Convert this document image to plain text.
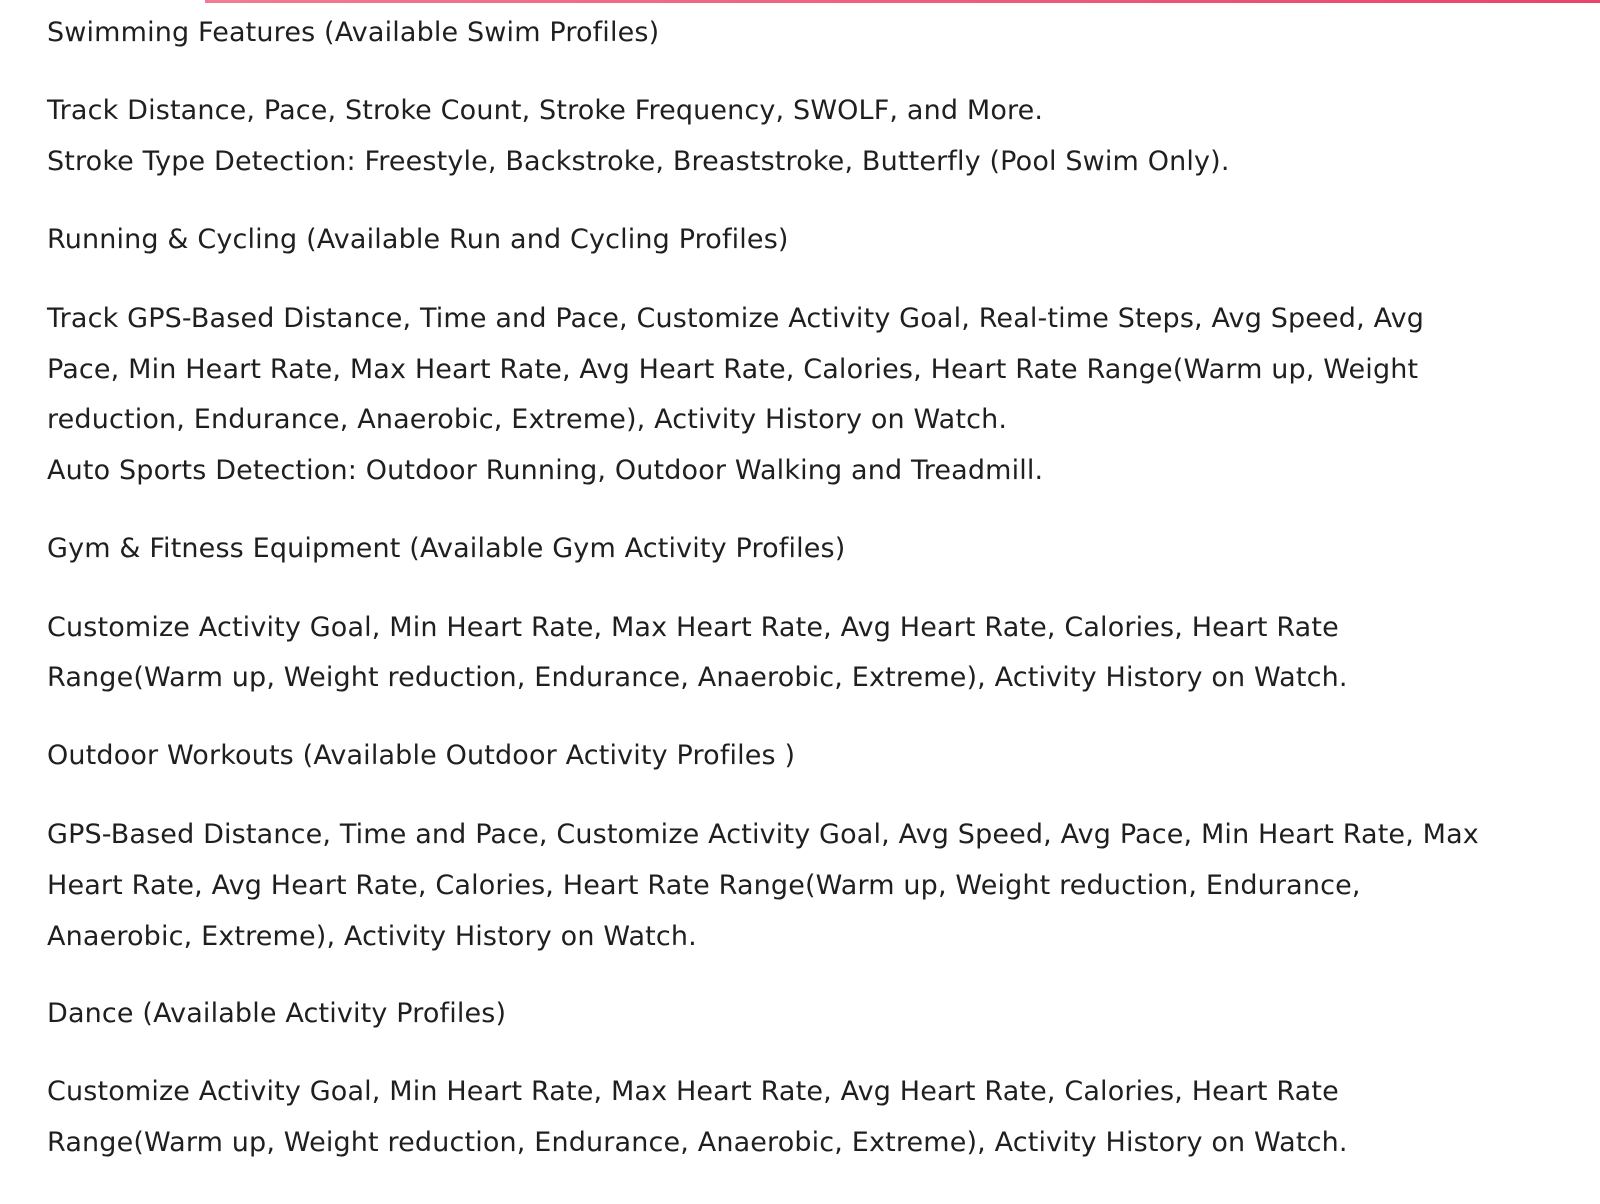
Swimming Features (Available Swim Profiles)
Track Distance, Pace, Stroke Count, Stroke Frequency, SWOLF, and More.
Stroke Type Detection: Freestyle, Backstroke, Breaststroke, Butterfly (Pool Swim Only).
Running & Cycling (Available Run and Cycling Profiles)
Track GPS-Based Distance, Time and Pace, Customize Activity Goal, Real-time Steps, Avg Speed, Avg
Pace, Min Heart Rate, Max Heart Rate, Avg Heart Rate, Calories, Heart Rate Range(Warm up, Weight
reduction, Endurance, Anaerobic, Extreme), Activity History on Watch.
Auto Sports Detection: Outdoor Running, Outdoor Walking and Treadmill.
Gym & Fitness Equipment (Available Gym Activity Profiles)
Customize Activity Goal, Min Heart Rate, Max Heart Rate, Avg Heart Rate, Calories, Heart Rate
Range(Warm up, Weight reduction, Endurance, Anaerobic, Extreme), Activity History on Watch.
Outdoor Workouts (Available Outdoor Activity Profiles )
GPS-Based Distance, Time and Pace, Customize Activity Goal, Avg Speed, Avg Pace, Min Heart Rate, Max
Heart Rate, Avg Heart Rate, Calories, Heart Rate Range(Warm up, Weight reduction, Endurance,
Anaerobic, Extreme), Activity History on Watch.
Dance (Available Activity Profiles)
Customize Activity Goal, Min Heart Rate, Max Heart Rate, Avg Heart Rate, Calories, Heart Rate
Range(Warm up, Weight reduction, Endurance, Anaerobic, Extreme), Activity History on Watch.
